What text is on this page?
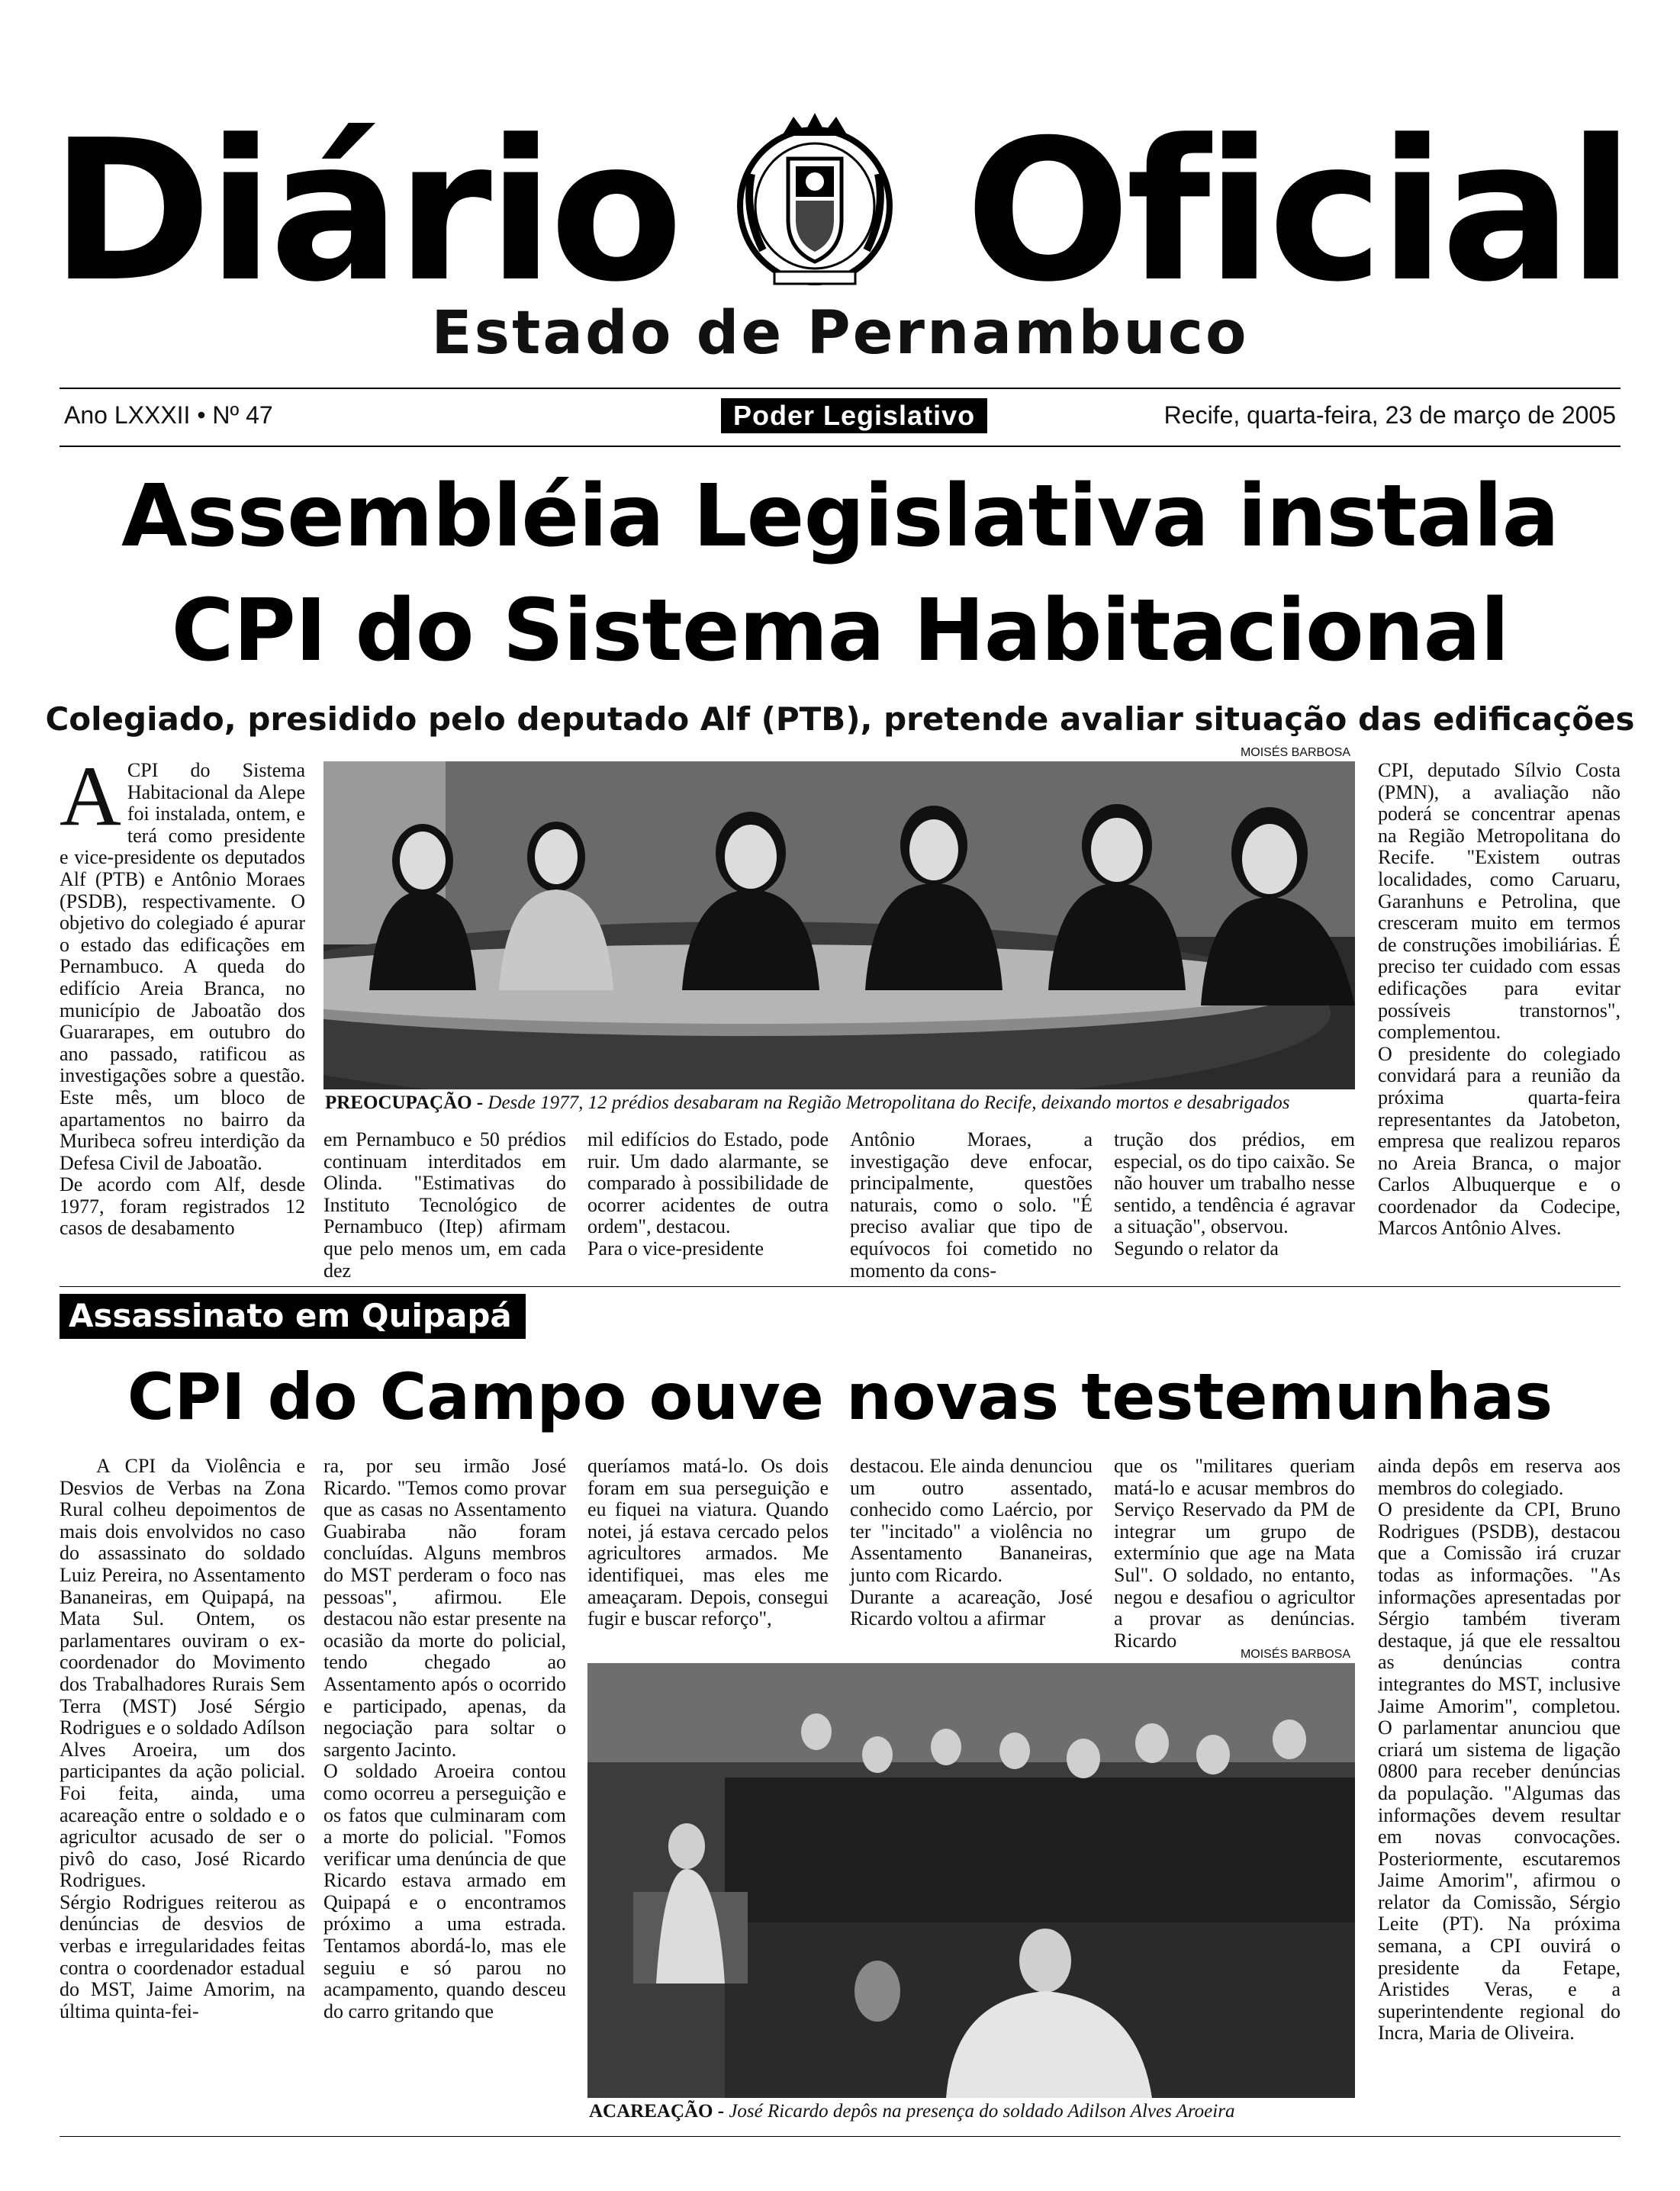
Diário Oficial
Estado de Pernambuco
Ano LXXXII • Nº 47	Poder Legislativo	Recife, quarta-feira, 23 de março de 2005
Assembléia Legislativa instala
CPI do Sistema Habitacional
Colegiado, presidido pelo deputado Alf (PTB), pretende avaliar situação das edificações

ACPI do Sistema Habitacional da Alepe foi instalada, ontem, e terá como presidente e vice-presidente os deputados Alf (PTB) e Antônio Moraes (PSDB), respectivamente. O objetivo do colegiado é apurar o estado das edificações em Pernambuco. A queda do edifício Areia Branca, no município de Jaboatão dos Guararapes, em outubro do ano passado, ratificou as investigações sobre a questão. Este mês, um bloco de apartamentos no bairro da Muribeca sofreu interdição da Defesa Civil de Jaboatão.

De acordo com Alf, desde 1977, foram registrados 12 casos de desabamento

MOISÉS BARBOSA
PREOCUPAÇÃO - Desde 1977, 12 prédios desabaram na Região Metropolitana do Recife, deixando mortos e desabrigados

em Pernambuco e 50 prédios continuam interditados em Olinda. "Estimativas do Instituto Tecnológico de Pernambuco (Itep) afirmam que pelo menos um, em cada dez

mil edifícios do Estado, pode ruir. Um dado alarmante, se comparado à possibilidade de ocorrer acidentes de outra ordem", destacou.

Para o vice-presidente

Antônio Moraes, a investigação deve enfocar, principalmente, questões naturais, como o solo. "É preciso avaliar que tipo de equívocos foi cometido no momento da cons-

trução dos prédios, em especial, os do tipo caixão. Se não houver um trabalho nesse sentido, a tendência é agravar a situação", observou.

Segundo o relator da

CPI, deputado Sílvio Costa (PMN), a avaliação não poderá se concentrar apenas na Região Metropolitana do Recife. "Existem outras localidades, como Caruaru, Garanhuns e Petrolina, que cresceram muito em termos de construções imobiliárias. É preciso ter cuidado com essas edificações para evitar possíveis transtornos", complementou.

O presidente do colegiado convidará para a reunião da próxima quarta-feira representantes da Jatobeton, empresa que realizou reparos no Areia Branca, o major Carlos Albuquerque e o coordenador da Codecipe, Marcos Antônio Alves.

Assassinato em Quipapá
CPI do Campo ouve novas testemunhas

A CPI da Violência e Desvios de Verbas na Zona Rural colheu depoimentos de mais dois envolvidos no caso do assassinato do soldado Luiz Pereira, no Assentamento Bananeiras, em Quipapá, na Mata Sul. Ontem, os parlamentares ouviram o ex-coordenador do Movimento dos Trabalhadores Rurais Sem Terra (MST) José Sérgio Rodrigues e o soldado Adílson Alves Aroeira, um dos participantes da ação policial. Foi feita, ainda, uma acareação entre o soldado e o agricultor acusado de ser o pivô do caso, José Ricardo Rodrigues.

Sérgio Rodrigues reiterou as denúncias de desvios de verbas e irregularidades feitas contra o coordenador estadual do MST, Jaime Amorim, na última quinta-fei-

ra, por seu irmão José Ricardo. "Temos como provar que as casas no Assentamento Guabiraba não foram concluídas. Alguns membros do MST perderam o foco nas pessoas", afirmou. Ele destacou não estar presente na ocasião da morte do policial, tendo chegado ao Assentamento após o ocorrido e participado, apenas, da negociação para soltar o sargento Jacinto.

O soldado Aroeira contou como ocorreu a perseguição e os fatos que culminaram com a morte do policial. "Fomos verificar uma denúncia de que Ricardo estava armado em Quipapá e o encontramos próximo a uma estrada. Tentamos abordá-lo, mas ele seguiu e só parou no acampamento, quando desceu do carro gritando que

queríamos matá-lo. Os dois foram em sua perseguição e eu fiquei na viatura. Quando notei, já estava cercado pelos agricultores armados. Me identifiquei, mas eles me ameaçaram. Depois, consegui fugir e buscar reforço",

destacou. Ele ainda denunciou um outro assentado, conhecido como Laércio, por ter "incitado" a violência no Assentamento Bananeiras, junto com Ricardo.

Durante a acareação, José Ricardo voltou a afirmar

que os "militares queriam matá-lo e acusar membros do Serviço Reservado da PM de integrar um grupo de extermínio que age na Mata Sul". O soldado, no entanto, negou e desafiou o agricultor a provar as denúncias. Ricardo

MOISÉS BARBOSA
ACAREAÇÃO - José Ricardo depôs na presença do soldado Adilson Alves Aroeira

ainda depôs em reserva aos membros do colegiado.

O presidente da CPI, Bruno Rodrigues (PSDB), destacou que a Comissão irá cruzar todas as informações. "As informações apresentadas por Sérgio também tiveram destaque, já que ele ressaltou as denúncias contra integrantes do MST, inclusive Jaime Amorim", completou. O parlamentar anunciou que criará um sistema de ligação 0800 para receber denúncias da população. "Algumas das informações devem resultar em novas convocações. Posteriormente, escutaremos Jaime Amorim", afirmou o relator da Comissão, Sérgio Leite (PT). Na próxima semana, a CPI ouvirá o presidente da Fetape, Aristides Veras, e a superintendente regional do Incra, Maria de Oliveira.
